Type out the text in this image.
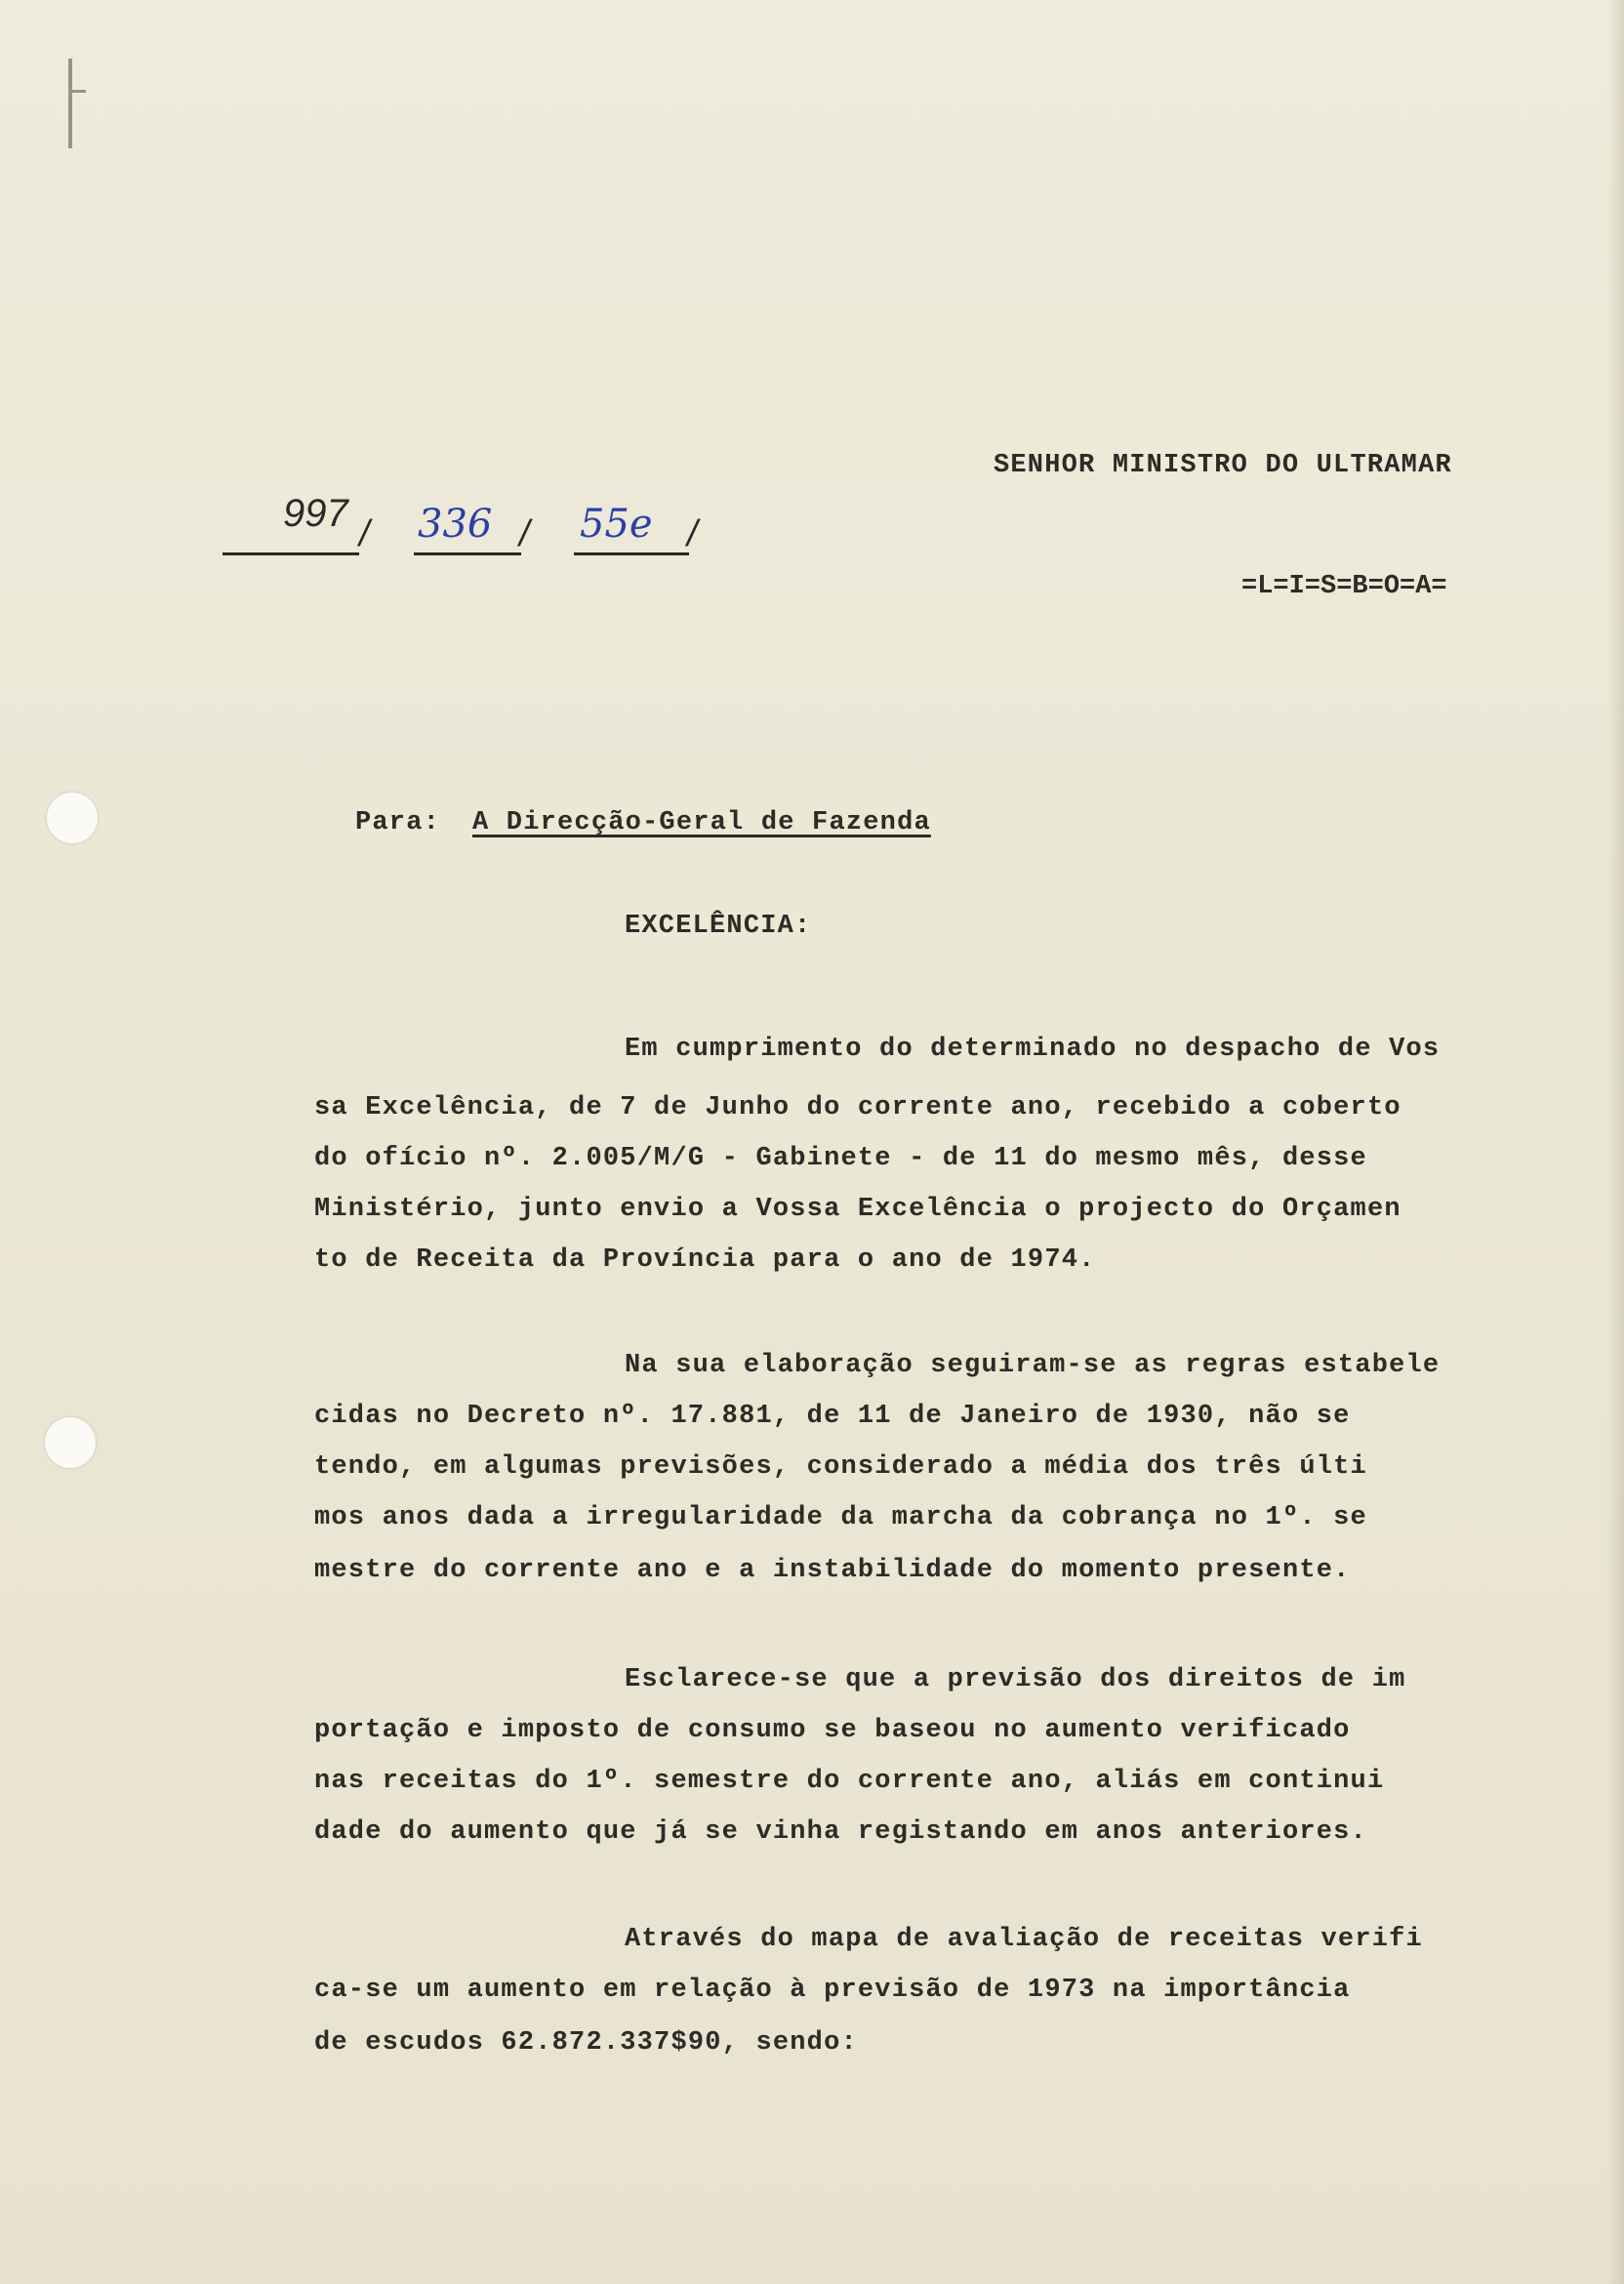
SENHOR MINISTRO DO ULTRAMAR
=L=I=S=B=O=A=
997 / 336 / 55e /
Para: A Direcção-Geral de Fazenda
EXCELÊNCIA:
Em cumprimento do determinado no despacho de Vos
sa Excelência, de 7 de Junho do corrente ano, recebido a coberto
do ofício nº. 2.005/M/G - Gabinete - de 11 do mesmo mês, desse
Ministério, junto envio a Vossa Excelência o projecto do Orçamen
to de Receita da Província para o ano de 1974.
Na sua elaboração seguiram-se as regras estabele
cidas no Decreto nº. 17.881, de 11 de Janeiro de 1930, não se
tendo, em algumas previsões, considerado a média dos três últi
mos anos dada a irregularidade da marcha da cobrança no 1º. se
mestre do corrente ano e a instabilidade do momento presente.
Esclarece-se que a previsão dos direitos de im
portação e imposto de consumo se baseou no aumento verificado
nas receitas do 1º. semestre do corrente ano, aliás em continui
dade do aumento que já se vinha registando em anos anteriores.
Através do mapa de avaliação de receitas verifi
ca-se um aumento em relação à previsão de 1973 na importância
de escudos 62.872.337$90, sendo:
